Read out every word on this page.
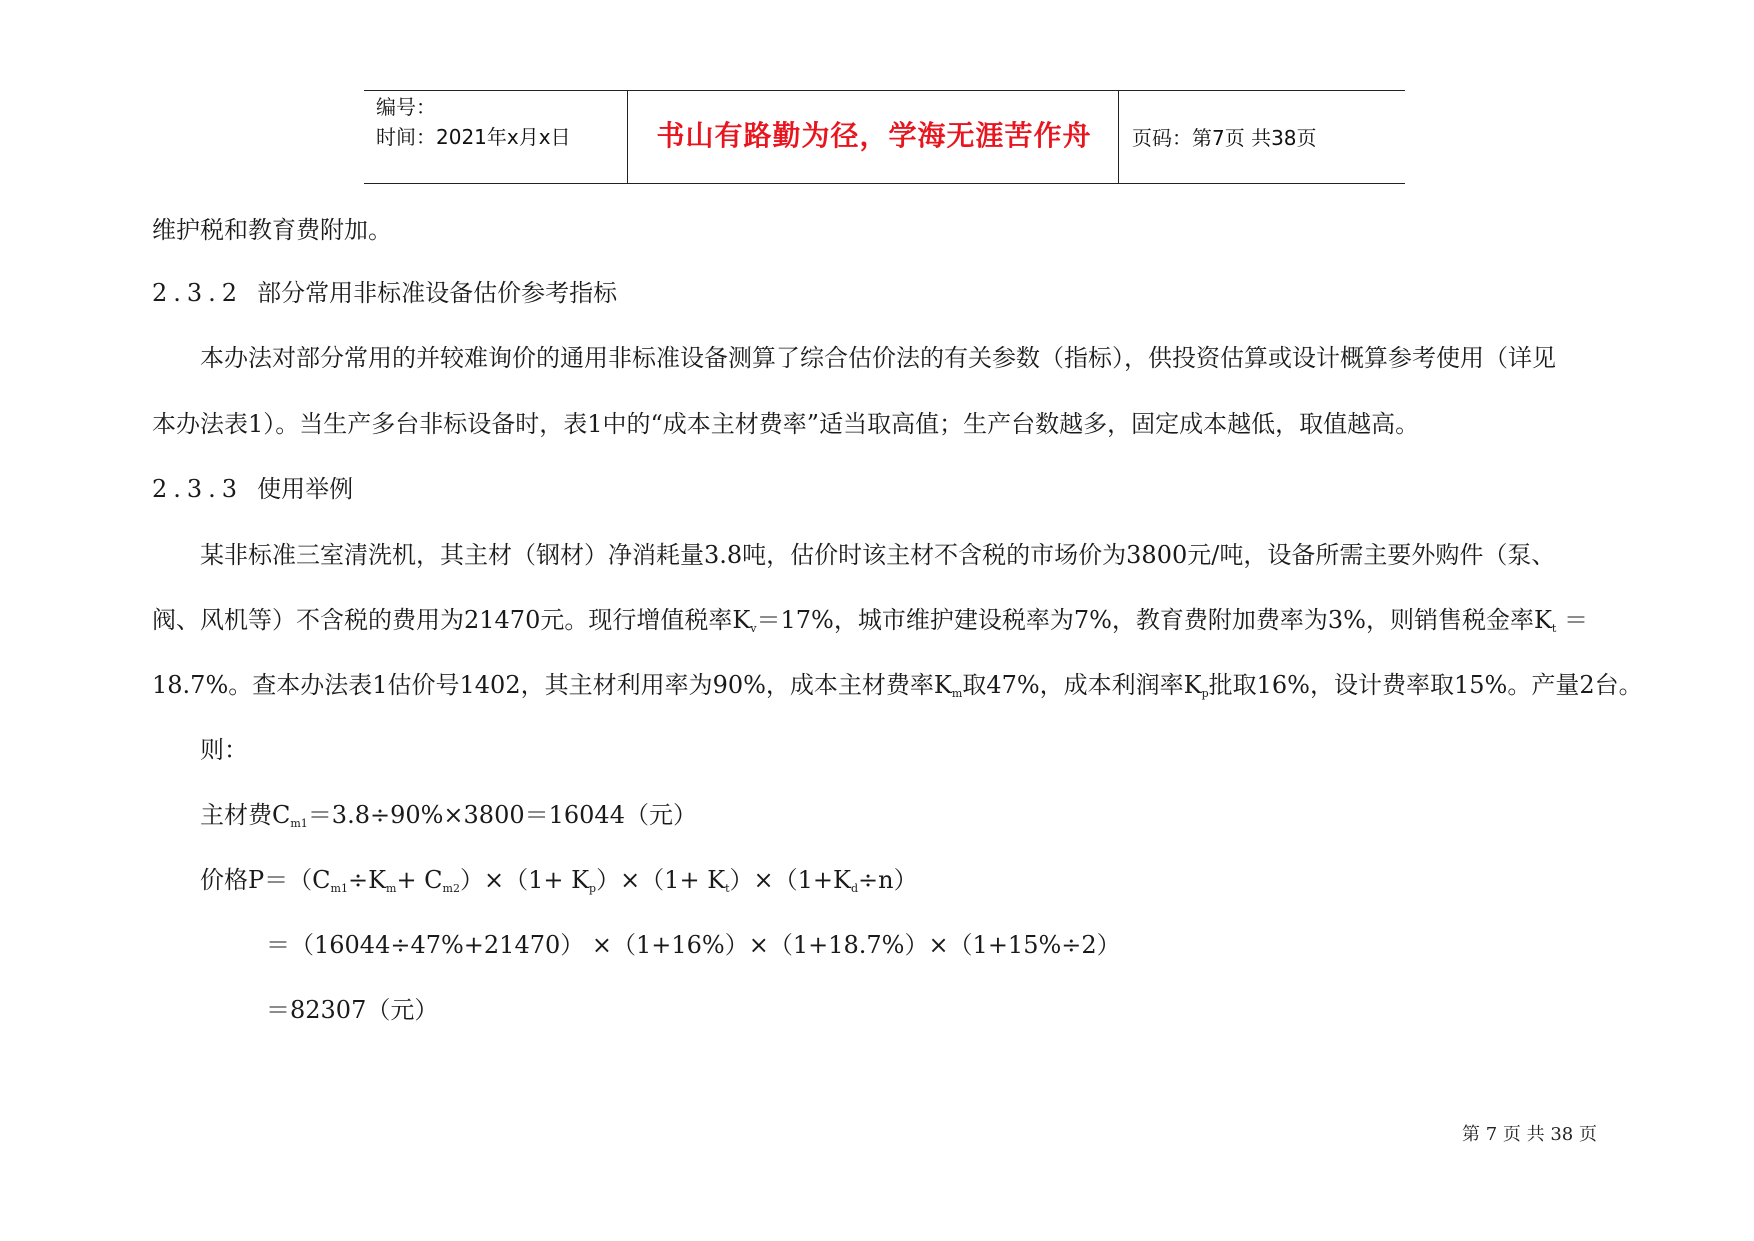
编号：
时间：2021年x月x日	书山有路勤为径，学海无涯苦作舟	页码：第7页 共38页
维护税和教育费附加。
2.3.2 部分常用非标准设备估价参考指标
本办法对部分常用的并较难询价的通用非标准设备测算了综合估价法的有关参数（指标），供投资估算或设计概算参考使用（详见
本办法表1）。当生产多台非标设备时，表1中的“成本主材费率”适当取高值；生产台数越多，固定成本越低，取值越高。
2.3.3 使用举例
某非标准三室清洗机，其主材（钢材）净消耗量3.8吨，估价时该主材不含税的市场价为3800元/吨，设备所需主要外购件（泵、
阀、风机等）不含税的费用为21470元。现行增值税率$K_v=17\%$，城市维护建设税率为7%，教育费附加费率为3%，则销售税金率$K_t$ ＝
18.7%。查本办法表1估价号1402，其主材利用率为90%，成本主材费率$K_m$取47%，成本利润率$K_p$批取16%，设计费率取15%。产量2台。
则：
主材费$C_{m1}=3.8\div 90\%\times 3800=16044$（元）
价格$P=(C_{m1}\div K_m+ C_{m2})\times(1+ K_p)\times(1+ K_t)\times(1+K_d\div n)$
＝（16044÷47%+21470） ×（1+16%）×（1+18.7%）×（1+15%÷2）
＝82307（元）
第 7 页 共 38 页
